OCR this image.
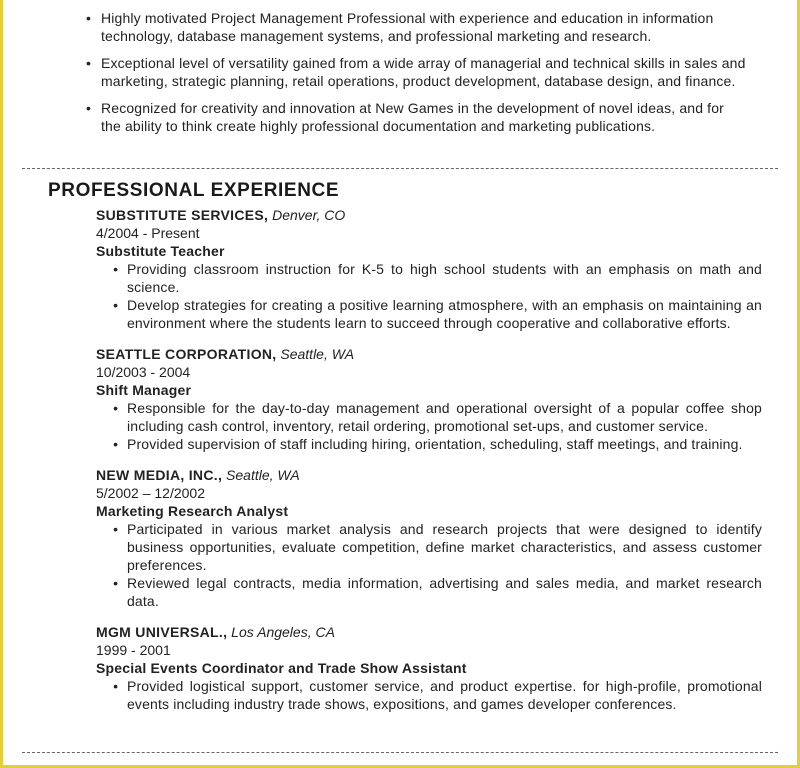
• Highly motivated Project Management Professional with experience and education in information technology, database management systems, and professional marketing and research.
• Exceptional level of versatility gained from a wide array of managerial and technical skills in sales and marketing, strategic planning, retail operations, product development, database design, and finance.
• Recognized for creativity and innovation at New Games in the development of novel ideas, and for the ability to think create highly professional documentation and marketing publications.
PROFESSIONAL EXPERIENCE
SUBSTITUTE SERVICES, Denver, CO
4/2004 - Present
Substitute Teacher
• Providing classroom instruction for K-5 to high school students with an emphasis on math and science.
• Develop strategies for creating a positive learning atmosphere, with an emphasis on maintaining an environment where the students learn to succeed through cooperative and collaborative efforts.
SEATTLE CORPORATION, Seattle, WA
10/2003 - 2004
Shift Manager
• Responsible for the day-to-day management and operational oversight of a popular coffee shop including cash control, inventory, retail ordering, promotional set-ups, and customer service.
• Provided supervision of staff including hiring, orientation, scheduling, staff meetings, and training.
NEW MEDIA, INC., Seattle, WA
5/2002 – 12/2002
Marketing Research Analyst
• Participated in various market analysis and research projects that were designed to identify business opportunities, evaluate competition, define market characteristics, and assess customer preferences.
• Reviewed legal contracts, media information, advertising and sales media, and market research data.
MGM UNIVERSAL., Los Angeles, CA
1999 - 2001
Special Events Coordinator and Trade Show Assistant
• Provided logistical support, customer service, and product expertise. for high-profile, promotional events including industry trade shows, expositions, and games developer conferences.
